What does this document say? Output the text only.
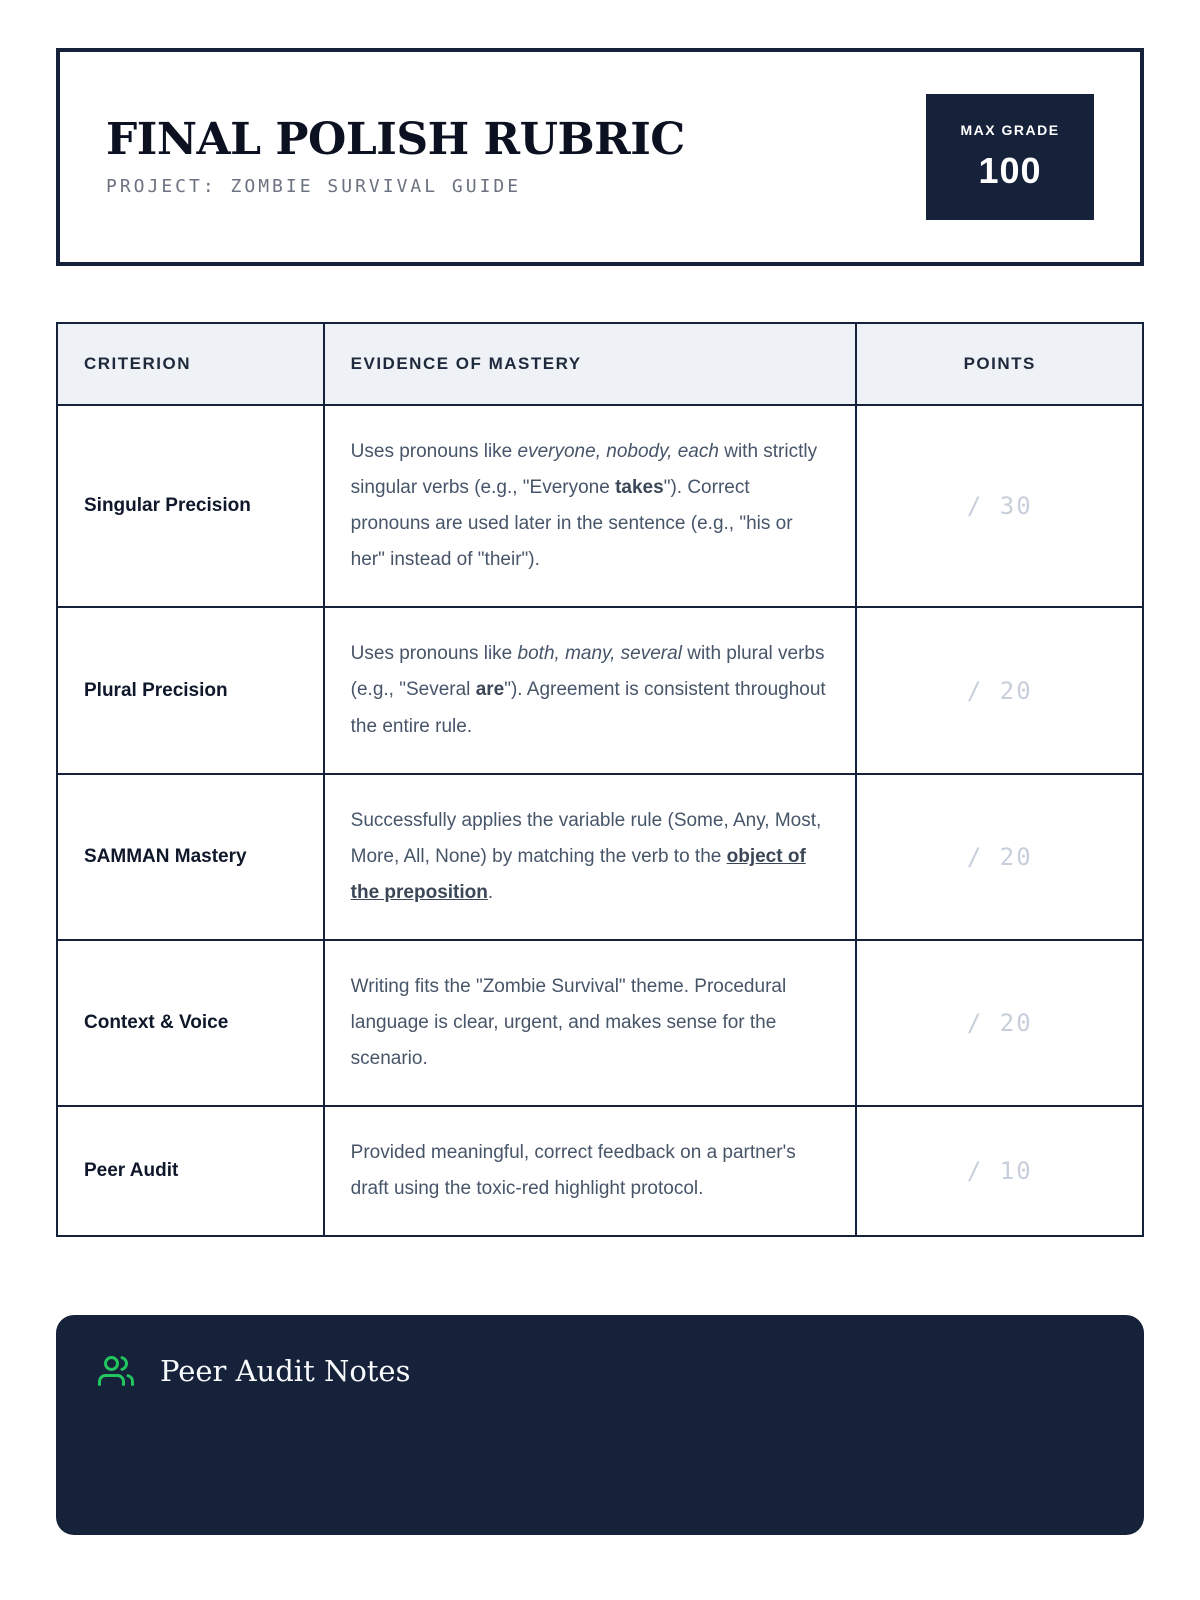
FINAL POLISH RUBRIC
PROJECT: ZOMBIE SURVIVAL GUIDE
MAX GRADE
100
CRITERION	EVIDENCE OF MASTERY	POINTS
Singular Precision	Uses pronouns like everyone, nobody, each with strictly singular verbs (e.g., "Everyone takes"). Correct pronouns are used later in the sentence (e.g., "his or her" instead of "their").	/ 30
Plural Precision	Uses pronouns like both, many, several with plural verbs (e.g., "Several are"). Agreement is consistent throughout the entire rule.	/ 20
SAMMAN Mastery	Successfully applies the variable rule (Some, Any, Most, More, All, None) by matching the verb to the object of the preposition.	/ 20
Context & Voice	Writing fits the "Zombie Survival" theme. Procedural language is clear, urgent, and makes sense for the scenario.	/ 20
Peer Audit	Provided meaningful, correct feedback on a partner's draft using the toxic-red highlight protocol.	/ 10
Peer Audit Notes
